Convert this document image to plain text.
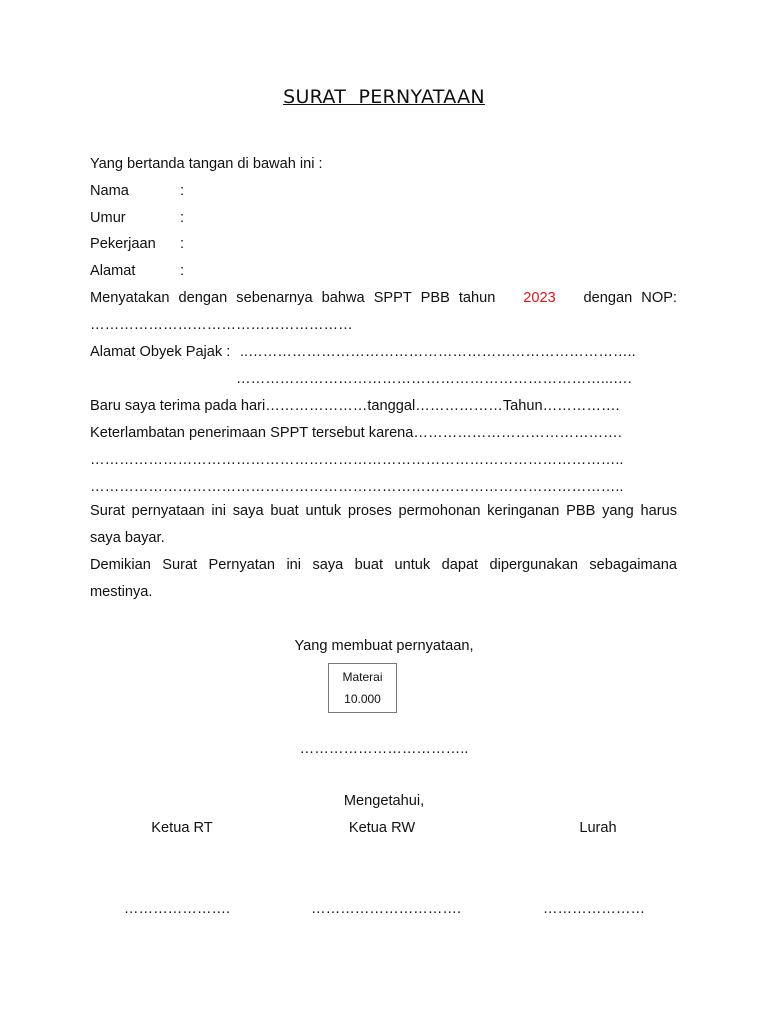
SURAT PERNYATAAN
Yang bertanda tangan di bawah ini :
Nama	:
Umur	:
Pekerjaan :
Alamat	:
Menyatakan dengan sebenarnya bahwa SPPT PBB tahun 2023 dengan NOP:
………………………………………………
Alamat Obyek Pajak : ..……………………………………………………………………..
…………………………………………………………………...….
Baru saya terima pada hari…………………tanggal………………Tahun…………….
Keterlambatan penerimaan SPPT tersebut karena…………………………………….
………………………………………………………………………………………………..
………………………………………………………………………………………………..
Surat pernyataan ini saya buat untuk proses permohonan keringanan PBB yang harus saya bayar.
Demikian Surat Pernyatan ini saya buat untuk dapat dipergunakan sebagaimana mestinya.
Yang membuat pernyataan,
Materai
10.000
……………………………..
Mengetahui,
Ketua RT	Ketua RW	Lurah
………………….	………………………….	…………………
